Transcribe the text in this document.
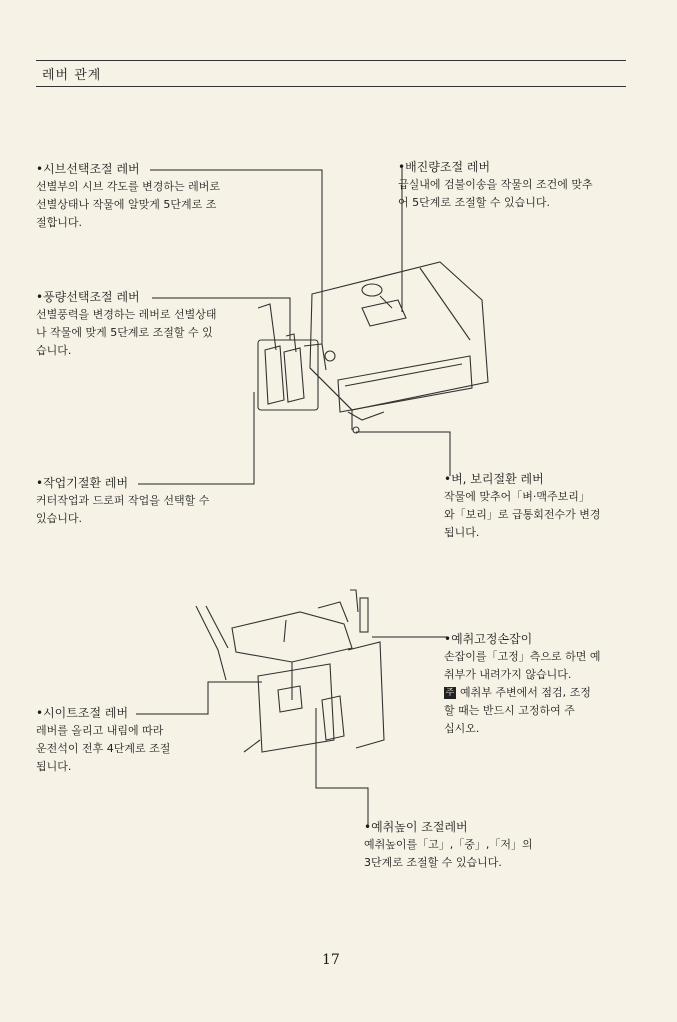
레버 관계
•시브선택조절 레버
선별부의 시브 각도를 변경하는 레버로
선별상태나 작물에 알맞게 5단계로 조
절합니다.
•풍량선택조절 레버
선별풍력을 변경하는 레버로 선별상태
나 작물에 맞게 5단계로 조절할 수 있
습니다.
•작업기절환 레버
커터작업과 드로퍼 작업을 선택할 수
있습니다.
•시이트조절 레버
레버를 올리고 내림에 따라
운전석이 전후 4단계로 조절
됩니다.
•배진량조절 레버
급실내에 검불이송을 작물의 조건에 맞추
어 5단계로 조절할 수 있습니다.
•벼, 보리절환 레버
작물에 맞추어「벼·맥주보리」
와「보리」로 급통회전수가 변경
됩니다.
•예취고정손잡이
손잡이를「고정」측으로 하면 예
취부가 내려가지 않습니다.
주 예취부 주변에서 점검, 조정
할 때는 반드시 고정하여 주
십시오.
•예취높이 조절레버
예취높이를「고」,「중」,「저」의
3단계로 조절할 수 있습니다.
17
